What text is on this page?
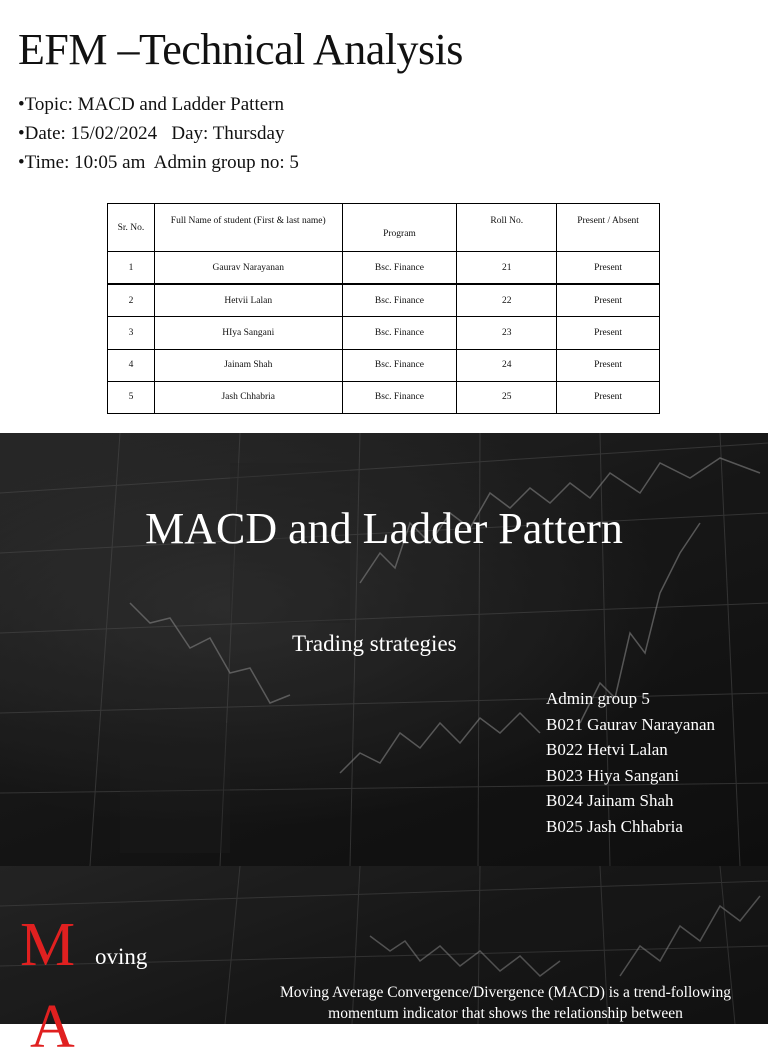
EFM –Technical Analysis
•Topic: MACD and Ladder Pattern
•Date: 15/02/2024   Day: Thursday
•Time: 10:05 am  Admin group no: 5
Sr. No.	Full Name of student (First & last name)	Program	Roll No.	Present / Absent
1	Gaurav Narayanan	Bsc. Finance	21	Present
2	Hetvii Lalan	Bsc. Finance	22	Present
3	HIya Sangani	Bsc. Finance	23	Present
4	Jainam Shah	Bsc. Finance	24	Present
5	Jash Chhabria	Bsc. Finance	25	Present
MACD and Ladder Pattern
Trading strategies
Admin group 5
B021 Gaurav Narayanan
B022 Hetvi Lalan
B023 Hiya Sangani
B024 Jainam Shah
B025 Jash Chhabria
M oving
A
Moving Average Convergence/Divergence (MACD) is a trend-following momentum indicator that shows the relationship between
